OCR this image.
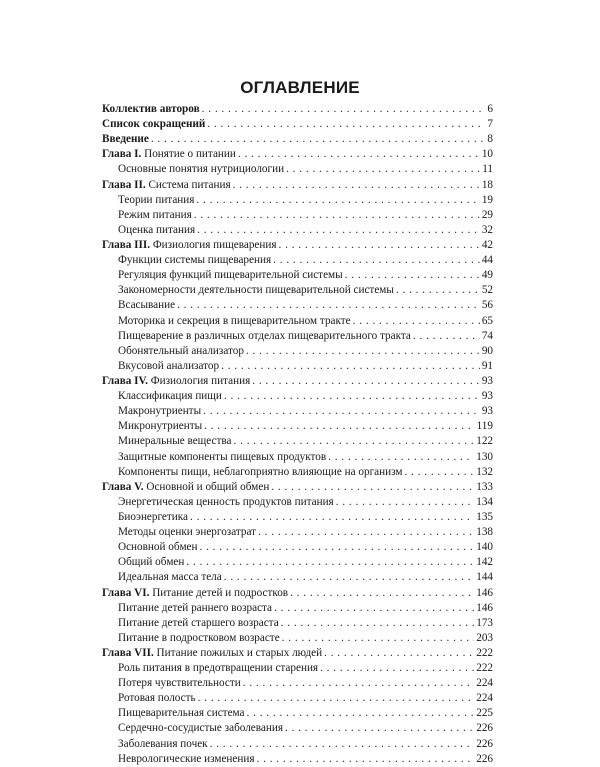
ОГЛАВЛЕНИЕ
Коллектив авторов . . .	6
Список сокращений . . .	7
Введение . . .	8
Глава I. Понятие о питании . . .	10
Основные понятия нутрициологии . . .	11
Глава II. Система питания . . .	18
Теории питания . . .	19
Режим питания . . .	29
Оценка питания . . .	32
Глава III. Физиология пищеварения . . .	42
Функции системы пищеварения . . .	44
Регуляция функций пищеварительной системы . . .	49
Закономерности деятельности пищеварительной системы . . .	52
Всасывание . . .	56
Моторика и секреция в пищеварительном тракте . . .	65
Пищеварение в различных отделах пищеварительного тракта . . .	74
Обонятельный анализатор . . .	90
Вкусовой анализатор . . .	91
Глава IV. Физиология питания . . .	93
Классификация пищи . . .	93
Макронутриенты . . .	93
Микронутриенты . . .	119
Минеральные вещества . . .	122
Защитные компоненты пищевых продуктов . . .	130
Компоненты пищи, неблагоприятно влияющие на организм . . .	132
Глава V. Основной и общий обмен . . .	133
Энергетическая ценность продуктов питания . . .	134
Биоэнергетика . . .	135
Методы оценки энергозатрат . . .	138
Основной обмен . . .	140
Общий обмен . . .	142
Идеальная масса тела . . .	144
Глава VI. Питание детей и подростков . . .	146
Питание детей раннего возраста . . .	146
Питание детей старшего возраста . . .	173
Питание в подростковом возрасте . . .	203
Глава VII. Питание пожилых и старых людей . . .	222
Роль питания в предотвращении старения . . .	222
Потеря чувствительности . . .	224
Ротовая полость . . .	224
Пищеварительная система . . .	225
Сердечно-сосудистые заболевания . . .	226
Заболевания почек . . .	226
Неврологические изменения . . .	226
